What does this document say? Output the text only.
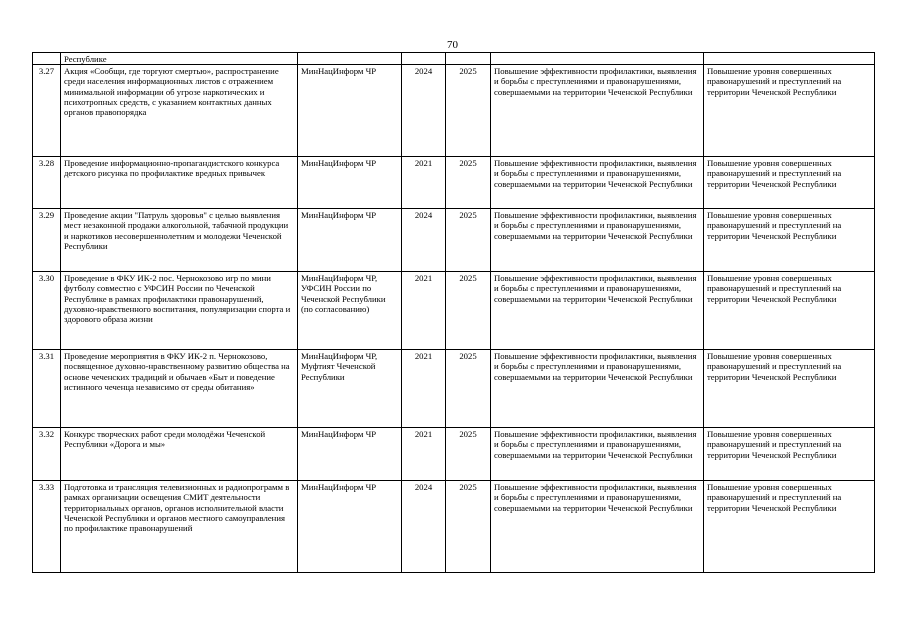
70
	Республике					
3.27	Акция «Сообщи, где торгуют смертью», распространение среди населения информационных листов с отражением минимальной информации об угрозе наркотических и психотропных средств, с указанием контактных данных органов правопорядка	МинНацИнформ ЧР	2024	2025	Повышение эффективности профилактики, выявления и борьбы с преступлениями и правонарушениями, совершаемыми на территории Чеченской Республики	Повышение уровня совершенных правонарушений и преступлений на территории Чеченской Республики
3.28	Проведение информационно-пропагандистского конкурса детского рисунка по профилактике вредных привычек	МинНацИнформ ЧР	2021	2025	Повышение эффективности профилактики, выявления и борьбы с преступлениями и правонарушениями, совершаемыми на территории Чеченской Республики	Повышение уровня совершенных правонарушений и преступлений на территории Чеченской Республики
3.29	Проведение акции "Патруль здоровья" с целью выявления мест незаконной продажи алкогольной, табачной продукции и наркотиков несовершеннолетним и молодежи Чеченской Республики	МинНацИнформ ЧР	2024	2025	Повышение эффективности профилактики, выявления и борьбы с преступлениями и правонарушениями, совершаемыми на территории Чеченской Республики	Повышение уровня совершенных правонарушений и преступлений на территории Чеченской Республики
3.30	Проведение в ФКУ ИК-2 пос. Чернокозово игр по мини футболу совместно с УФСИН России по Чеченской Республике в рамках профилактики правонарушений, духовно-нравственного воспитания, популяризации спорта и здорового образа жизни	МинНацИнформ ЧР, УФСИН России по Чеченской Республики (по согласованию)	2021	2025	Повышение эффективности профилактики, выявления и борьбы с преступлениями и правонарушениями, совершаемыми на территории Чеченской Республики	Повышение уровня совершенных правонарушений и преступлений на территории Чеченской Республики
3.31	Проведение мероприятия в ФКУ ИК-2 п. Чернокозово, посвященное духовно-нравственному развитию общества на основе чеченских традиций и обычаев «Быт и поведение истинного чеченца независимо от среды обитания»	МинНацИнформ ЧР, Муфтият Чеченской Республики	2021	2025	Повышение эффективности профилактики, выявления и борьбы с преступлениями и правонарушениями, совершаемыми на территории Чеченской Республики	Повышение уровня совершенных правонарушений и преступлений на территории Чеченской Республики
3.32	Конкурс творческих работ среди молодёжи Чеченской Республики «Дорога и мы»	МинНацИнформ ЧР	2021	2025	Повышение эффективности профилактики, выявления и борьбы с преступлениями и правонарушениями, совершаемыми на территории Чеченской Республики	Повышение уровня совершенных правонарушений и преступлений на территории Чеченской Республики
3.33	Подготовка и трансляция телевизионных и радиопрограмм в рамках организации освещения СМИТ деятельности территориальных органов, органов исполнительной власти Чеченской Республики и органов местного самоуправления по профилактике правонарушений	МинНацИнформ ЧР	2024	2025	Повышение эффективности профилактики, выявления и борьбы с преступлениями и правонарушениями, совершаемыми на территории Чеченской Республики	Повышение уровня совершенных правонарушений и преступлений на территории Чеченской Республики
